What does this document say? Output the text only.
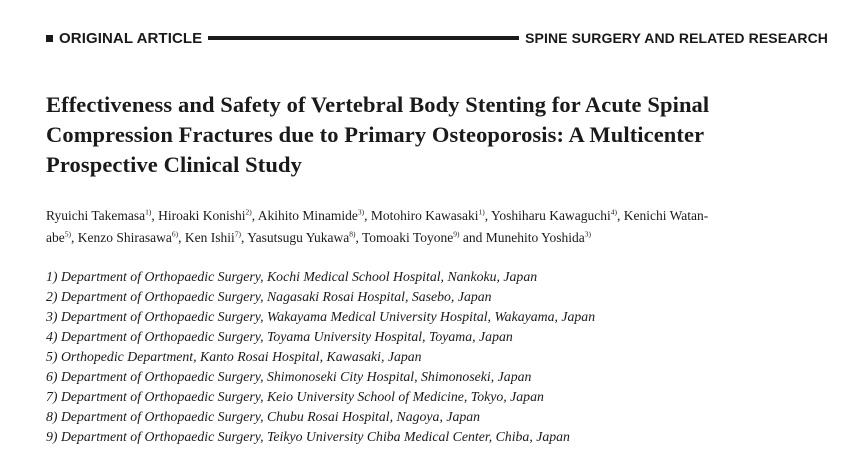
ORIGINAL ARTICLE	SPINE SURGERY AND RELATED RESEARCH
Effectiveness and Safety of Vertebral Body Stenting for Acute Spinal
Compression Fractures due to Primary Osteoporosis: A Multicenter
Prospective Clinical Study
Ryuichi Takemasa$^{1)}$, Hiroaki Konishi$^{2)}$, Akihito Minamide$^{3)}$, Motohiro Kawasaki$^{1)}$, Yoshiharu Kawaguchi$^{4)}$, Kenichi Watan-
abe$^{5)}$, Kenzo Shirasawa$^{6)}$, Ken Ishii$^{7)}$, Yasutsugu Yukawa$^{8)}$, Tomoaki Toyone$^{9)}$ and Munehito Yoshida$^{3)}$
1) Department of Orthopaedic Surgery, Kochi Medical School Hospital, Nankoku, Japan
2) Department of Orthopaedic Surgery, Nagasaki Rosai Hospital, Sasebo, Japan
3) Department of Orthopaedic Surgery, Wakayama Medical University Hospital, Wakayama, Japan
4) Department of Orthopaedic Surgery, Toyama University Hospital, Toyama, Japan
5) Orthopedic Department, Kanto Rosai Hospital, Kawasaki, Japan
6) Department of Orthopaedic Surgery, Shimonoseki City Hospital, Shimonoseki, Japan
7) Department of Orthopaedic Surgery, Keio University School of Medicine, Tokyo, Japan
8) Department of Orthopaedic Surgery, Chubu Rosai Hospital, Nagoya, Japan
9) Department of Orthopaedic Surgery, Teikyo University Chiba Medical Center, Chiba, Japan
